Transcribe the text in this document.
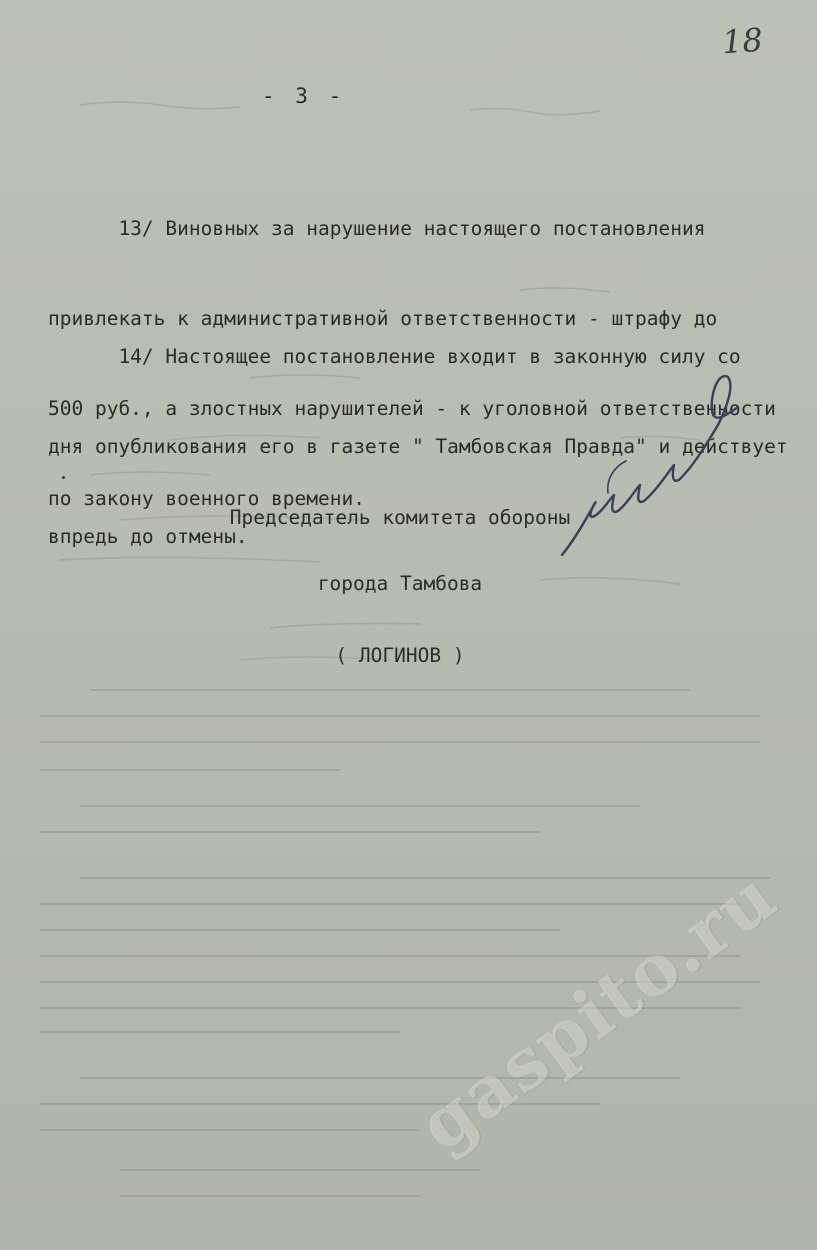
18
- 3 -

13/ Виновных за нарушение настоящего постановления

привлекать к административной ответственности - штрафу до

500 руб., а злостных нарушителей - к уголовной ответственности

по закону военного времени.

14/ Настоящее постановление входит в законную силу со

дня опубликования его в газете " Тамбовская Правда" и действует

впредь до отмены.

Председатель комитета обороны

города Тамбова

( ЛОГИНОВ )

gaspito.ru
